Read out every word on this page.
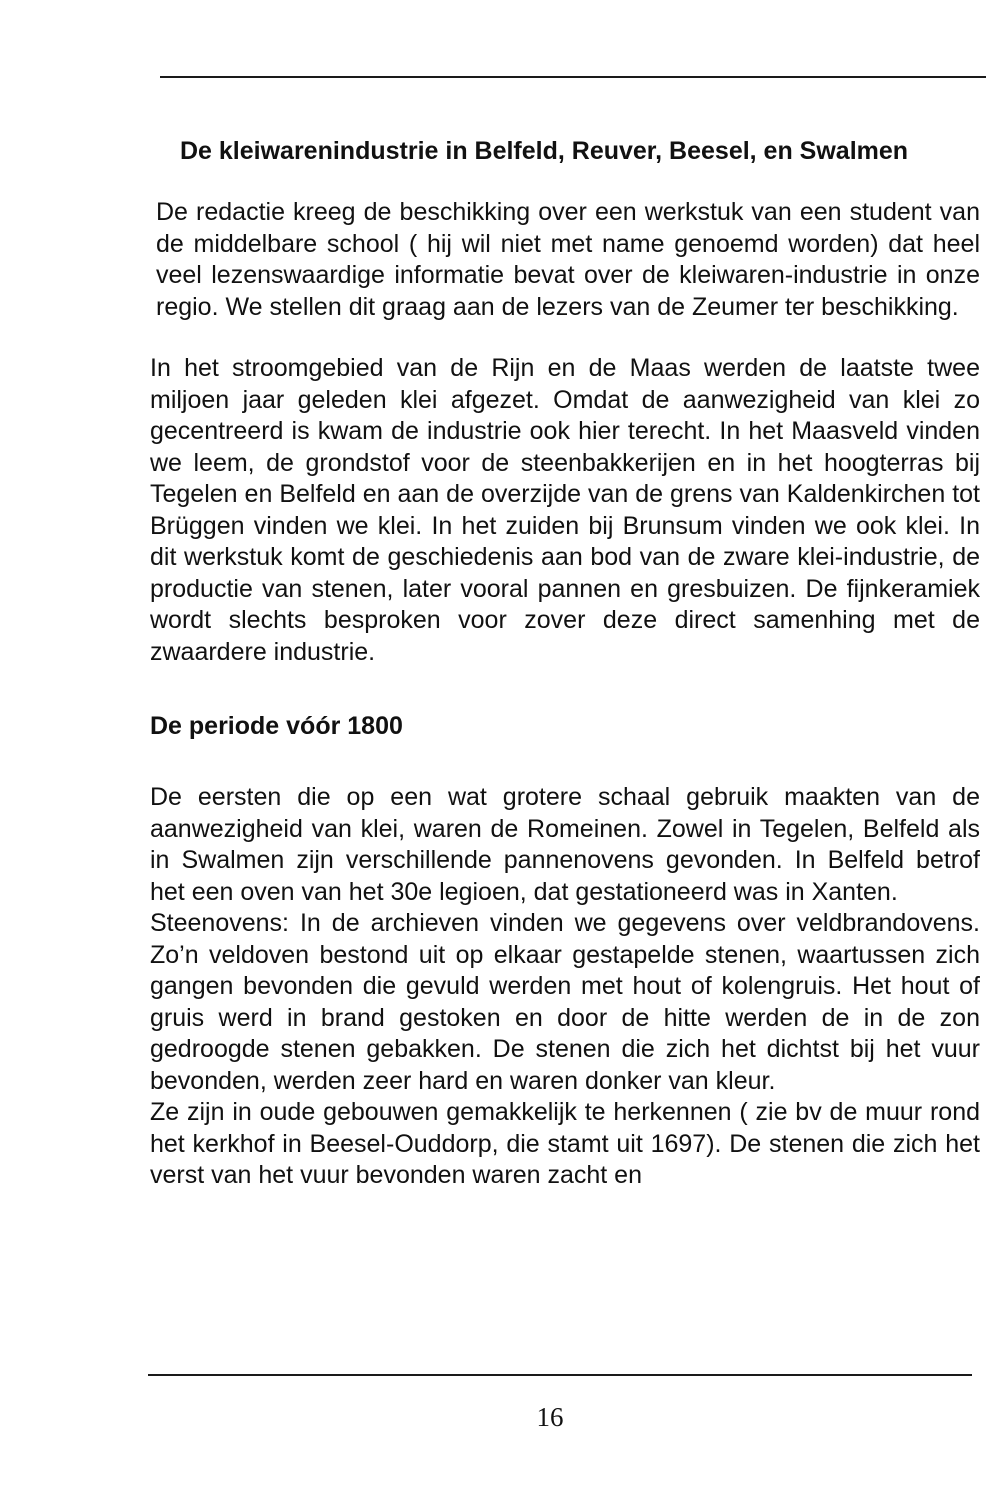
De kleiwarenindustrie in Belfeld, Reuver, Beesel, en Swalmen

De redactie kreeg de beschikking over een werkstuk van een student van de middelbare school ( hij wil niet met name genoemd worden) dat heel veel lezenswaardige informatie bevat over de kleiwaren-industrie in onze regio. We stellen dit graag aan de lezers van de Zeumer ter beschikking.

In het stroomgebied van de Rijn en de Maas werden de laatste twee miljoen jaar geleden klei afgezet. Omdat de aanwezigheid van klei zo gecentreerd is kwam de industrie ook hier terecht. In het Maasveld vinden we leem, de grondstof voor de steenbakkerijen en in het hoogterras bij Tegelen en Belfeld en aan de overzijde van de grens van Kaldenkirchen tot Brüggen vinden we klei. In het zuiden bij Brunsum vinden we ook klei. In dit werkstuk komt de geschiedenis aan bod van de zware klei-industrie, de productie van stenen, later vooral pannen en gresbuizen. De fijnkeramiek wordt slechts besproken voor zover deze direct samenhing met de zwaardere industrie.

De periode vóór 1800

De eersten die op een wat grotere schaal gebruik maakten van de aanwezigheid van klei, waren de Romeinen. Zowel in Tegelen, Belfeld als in Swalmen zijn verschillende pannenovens gevonden. In Belfeld betrof het een oven van het 30e legioen, dat gestationeerd was in Xanten.

Steenovens: In de archieven vinden we gegevens over veldbrandovens. Zo’n veldoven bestond uit op elkaar gestapelde stenen, waartussen zich gangen bevonden die gevuld werden met hout of kolengruis. Het hout of gruis werd in brand gestoken en door de hitte werden de in de zon gedroogde stenen gebakken. De stenen die zich het dichtst bij het vuur bevonden, werden zeer hard en waren donker van kleur.

Ze zijn in oude gebouwen gemakkelijk te herkennen ( zie bv de muur rond het kerkhof in Beesel-Ouddorp, die stamt uit 1697). De stenen die zich het verst van het vuur bevonden waren zacht en

16
